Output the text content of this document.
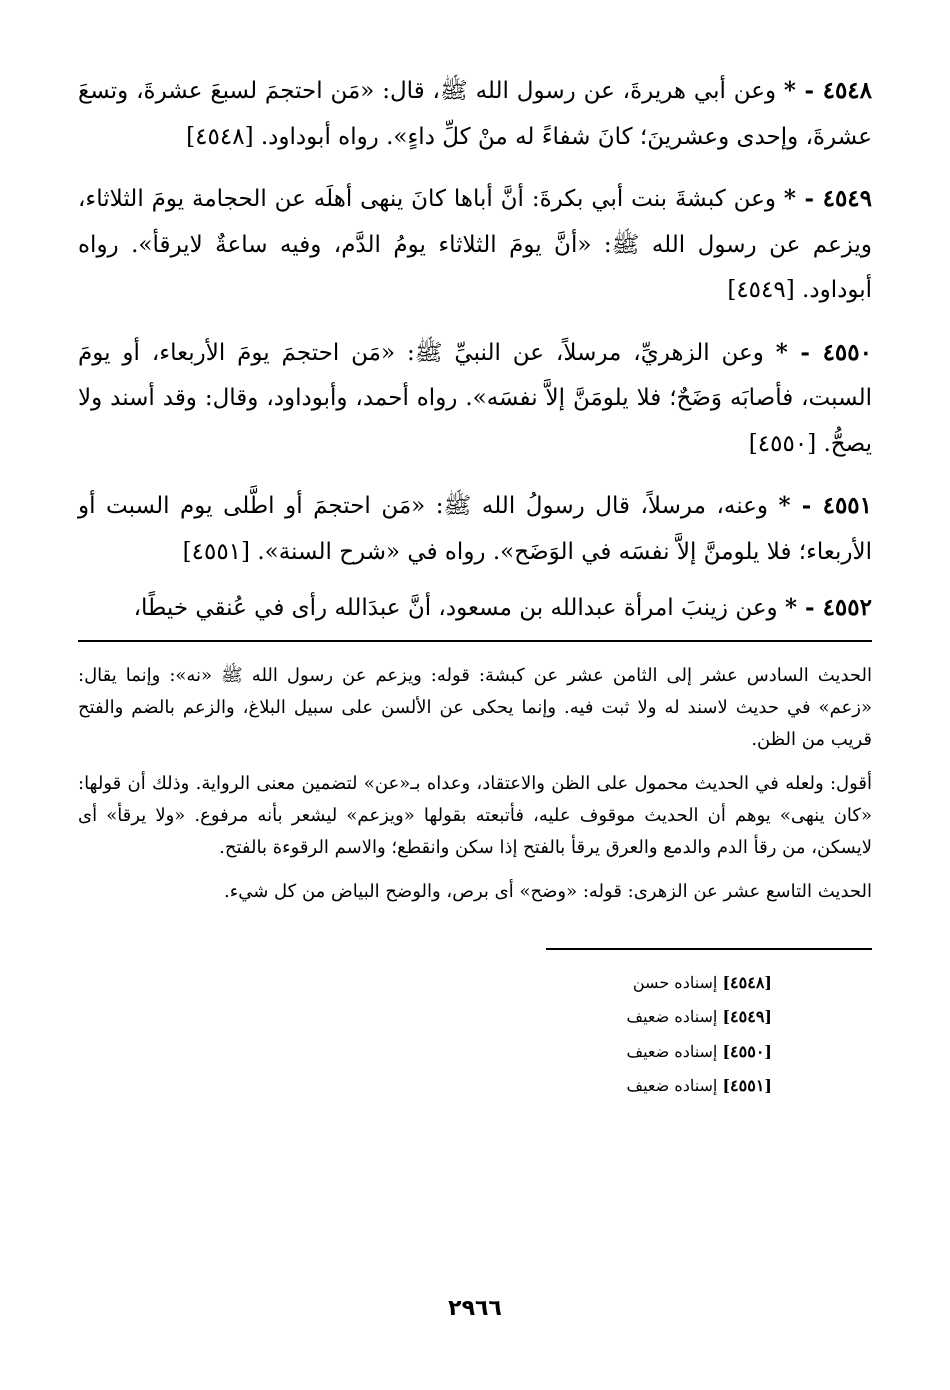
٤٥٤٨ - * وعن أبي هريرةَ، عن رسول الله ﷺ، قال: «مَن احتجمَ لسبعَ عشرةَ، وتسعَ عشرةَ، وإحدى وعشرينَ؛ كانَ شفاءً له منْ كلِّ داءٍ». رواه أبوداود. [٤٥٤٨]

٤٥٤٩ - * وعن كبشةَ بنت أبي بكرةَ: أنَّ أباها كانَ ينهى أهلَه عن الحجامة يومَ الثلاثاء، ويزعم عن رسول الله ﷺ: «أنَّ يومَ الثلاثاء يومُ الدَّم، وفيه ساعةٌ لايرقأ». رواه أبوداود. [٤٥٤٩]

٤٥٥٠ - * وعن الزهريِّ، مرسلاً، عن النبيِّ ﷺ: «مَن احتجمَ يومَ الأربعاء، أو يومَ السبت، فأصابَه وَضَحٌ؛ فلا يلومَنَّ إلاَّ نفسَه». رواه أحمد، وأبوداود، وقال: وقد أسند ولا يصحُّ. [٤٥٥٠]

٤٥٥١ - * وعنه، مرسلاً، قال رسولُ الله ﷺ: «مَن احتجمَ أو اطَّلى يوم السبت أو الأربعاء؛ فلا يلومنَّ إلاَّ نفسَه في الوَضَح». رواه في «شرح السنة». [٤٥٥١]

٤٥٥٢ - * وعن زينبَ امرأة عبدالله بن مسعود، أنَّ عبدَالله رأى في عُنقي خيطًا،

الحديث السادس عشر إلى الثامن عشر عن كبشة: قوله: ويزعم عن رسول الله ﷺ «نه»: وإنما يقال: «زعم» في حديث لاسند له ولا ثبت فيه. وإنما يحكى عن الألسن على سبيل البلاغ، والزعم بالضم والفتح قريب من الظن.

أقول: ولعله في الحديث محمول على الظن والاعتقاد، وعداه بـ«عن» لتضمين معنى الرواية. وذلك أن قولها: «كان ينهى» يوهم أن الحديث موقوف عليه، فأتبعته بقولها «ويزعم» ليشعر بأنه مرفوع. «ولا يرقأ» أى لايسكن، من رقأ الدم والدمع والعرق يرقأ بالفتح إذا سكن وانقطع؛ والاسم الرقوءة بالفتح.

الحديث التاسع عشر عن الزهرى: قوله: «وضح» أى برص، والوضح البياض من كل شيء.

[٤٥٤٨] إسناده حسن

[٤٥٤٩] إسناده ضعيف

[٤٥٥٠] إسناده ضعيف

[٤٥٥١] إسناده ضعيف

٢٩٦٦
